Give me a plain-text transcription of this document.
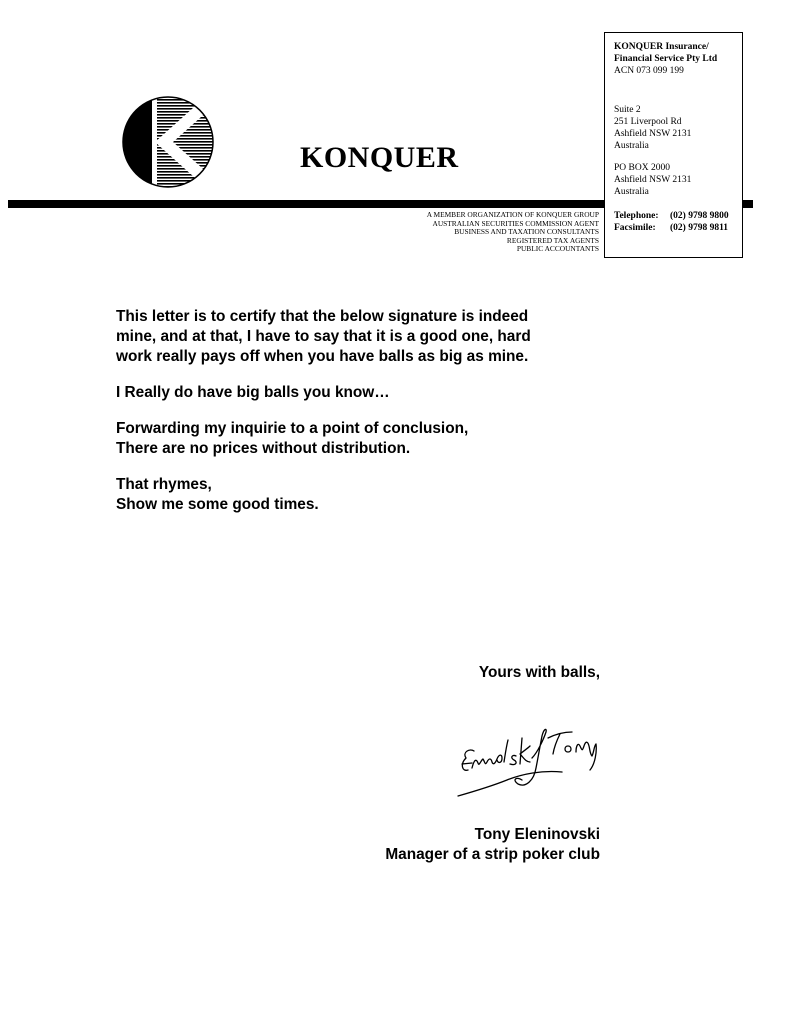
KONQUER
A MEMBER ORGANIZATION OF KONQUER GROUP
AUSTRALIAN SECURITIES COMMISSION AGENT
BUSINESS AND TAXATION CONSULTANTS
REGISTERED TAX AGENTS
PUBLIC ACCOUNTANTS
KONQUER Insurance/
Financial Service Pty Ltd
ACN 073 099 199
Suite 2
251 Liverpool Rd
Ashfield NSW 2131
Australia
PO BOX 2000
Ashfield NSW 2131
Australia
Telephone:	(02) 9798 9800
Facsimile:	(02) 9798 9811

This letter is to certify that the below signature is indeed
mine, and at that, I have to say that it is a good one, hard
work really pays off when you have balls as big as mine.

I Really do have big balls you know…

Forwarding my inquirie to a point of conclusion,
There are no prices without distribution.

That rhymes,
Show me some good times.

Yours with balls,
Tony Eleninovski
Manager of a strip poker club
